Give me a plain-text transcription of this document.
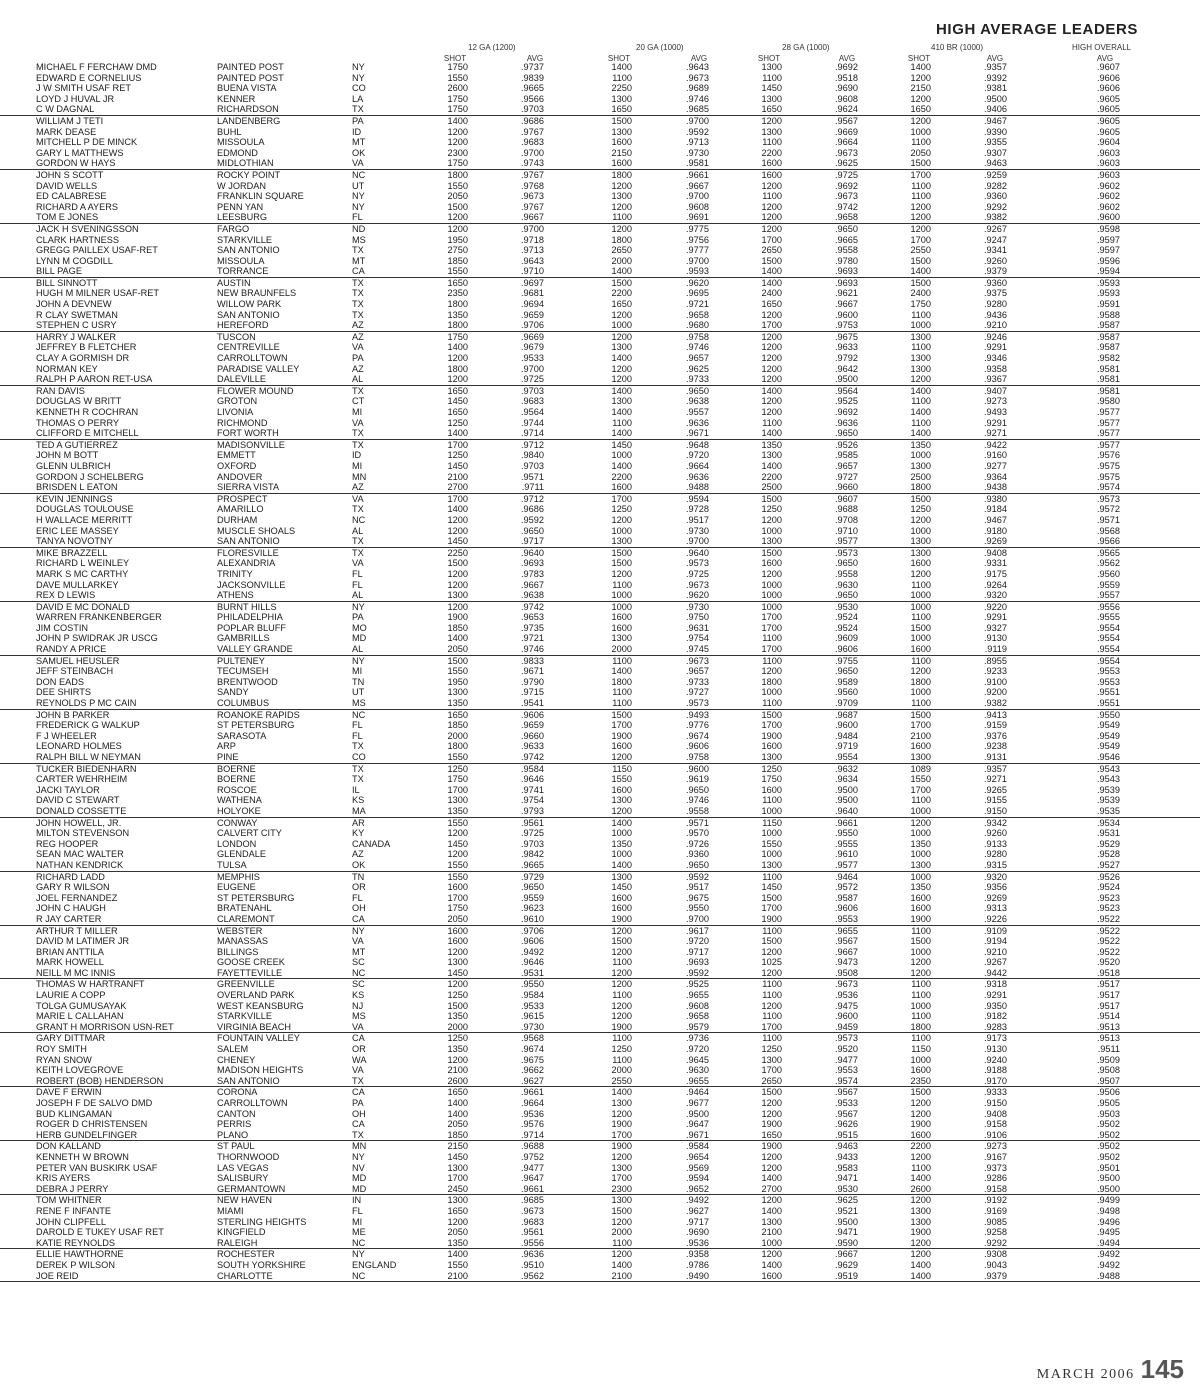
HIGH AVERAGE LEADERS
12 GA (1200)	20 GA (1000)	28 GA (1000)	410 BR (1000)	HIGH OVERALL
SHOT	AVG	SHOT	AVG	SHOT	AVG	SHOT	AVG	AVG
MICHAEL F FERCHAW DMD	PAINTED POST	NY	1750	.9737	1400	.9643	1300	.9692	1400	.9357	.9607
EDWARD E CORNELIUS	PAINTED POST	NY	1550	.9839	1100	.9673	1100	.9518	1200	.9392	.9606
J W SMITH USAF RET	BUENA VISTA	CO	2600	.9665	2250	.9689	1450	.9690	2150	.9381	.9606
LOYD J HUVAL JR	KENNER	LA	1750	.9566	1300	.9746	1300	.9608	1200	.9500	.9605
C W DAGNAL	RICHARDSON	TX	1750	.9703	1650	.9685	1650	.9624	1650	.9406	.9605
WILLIAM J TETI	LANDENBERG	PA	1400	.9686	1500	.9700	1200	.9567	1200	.9467	.9605
MARK DEASE	BUHL	ID	1200	.9767	1300	.9592	1300	.9669	1000	.9390	.9605
MITCHELL P DE MINCK	MISSOULA	MT	1200	.9683	1600	.9713	1100	.9664	1100	.9355	.9604
GARY L MATTHEWS	EDMOND	OK	2300	.9700	2150	.9730	2200	.9673	2050	.9307	.9603
GORDON W HAYS	MIDLOTHIAN	VA	1750	.9743	1600	.9581	1600	.9625	1500	.9463	.9603
JOHN S SCOTT	ROCKY POINT	NC	1800	.9767	1800	.9661	1600	.9725	1700	.9259	.9603
DAVID WELLS	W JORDAN	UT	1550	.9768	1200	.9667	1200	.9692	1100	.9282	.9602
ED CALABRESE	FRANKLIN SQUARE	NY	2050	.9673	1300	.9700	1100	.9673	1100	.9360	.9602
RICHARD A AYERS	PENN YAN	NY	1500	.9767	1200	.9608	1200	.9742	1200	.9292	.9602
TOM E JONES	LEESBURG	FL	1200	.9667	1100	.9691	1200	.9658	1200	.9382	.9600
JACK H SVENINGSSON	FARGO	ND	1200	.9700	1200	.9775	1200	.9650	1200	.9267	.9598
CLARK HARTNESS	STARKVILLE	MS	1950	.9718	1800	.9756	1700	.9665	1700	.9247	.9597
GREGG PAILLEX USAF-RET	SAN ANTONIO	TX	2750	.9713	2650	.9777	2650	.9558	2550	.9341	.9597
LYNN M COGDILL	MISSOULA	MT	1850	.9643	2000	.9700	1500	.9780	1500	.9260	.9596
BILL PAGE	TORRANCE	CA	1550	.9710	1400	.9593	1400	.9693	1400	.9379	.9594
BILL SINNOTT	AUSTIN	TX	1650	.9697	1500	.9620	1400	.9693	1500	.9360	.9593
HUGH M MILNER USAF-RET	NEW BRAUNFELS	TX	2350	.9681	2200	.9695	2400	.9621	2400	.9375	.9593
JOHN A DEVNEW	WILLOW PARK	TX	1800	.9694	1650	.9721	1650	.9667	1750	.9280	.9591
R CLAY SWETMAN	SAN ANTONIO	TX	1350	.9659	1200	.9658	1200	.9600	1100	.9436	.9588
STEPHEN C USRY	HEREFORD	AZ	1800	.9706	1000	.9680	1700	.9753	1000	.9210	.9587
HARRY J WALKER	TUSCON	AZ	1750	.9669	1200	.9758	1200	.9675	1300	.9246	.9587
JEFFREY B FLETCHER	CENTREVILLE	VA	1400	.9679	1300	.9746	1200	.9633	1100	.9291	.9587
CLAY A GORMISH DR	CARROLLTOWN	PA	1200	.9533	1400	.9657	1200	.9792	1300	.9346	.9582
NORMAN KEY	PARADISE VALLEY	AZ	1800	.9700	1200	.9625	1200	.9642	1300	.9358	.9581
RALPH P AARON RET-USA	DALEVILLE	AL	1200	.9725	1200	.9733	1200	.9500	1200	.9367	.9581
RAN DAVIS	FLOWER MOUND	TX	1650	.9703	1400	.9650	1400	.9564	1400	.9407	.9581
DOUGLAS W BRITT	GROTON	CT	1450	.9683	1300	.9638	1200	.9525	1100	.9273	.9580
KENNETH R COCHRAN	LIVONIA	MI	1650	.9564	1400	.9557	1200	.9692	1400	.9493	.9577
THOMAS O PERRY	RICHMOND	VA	1250	.9744	1100	.9636	1100	.9636	1100	.9291	.9577
CLIFFORD E MITCHELL	FORT WORTH	TX	1400	.9714	1400	.9671	1400	.9650	1400	.9271	.9577
TED A GUTIERREZ	MADISONVILLE	TX	1700	.9712	1450	.9648	1350	.9526	1350	.9422	.9577
JOHN M BOTT	EMMETT	ID	1250	.9840	1000	.9720	1300	.9585	1000	.9160	.9576
GLENN ULBRICH	OXFORD	MI	1450	.9703	1400	.9664	1400	.9657	1300	.9277	.9575
GORDON J SCHELBERG	ANDOVER	MN	2100	.9571	2200	.9636	2200	.9727	2500	.9364	.9575
BRISDEN L EATON	SIERRA VISTA	AZ	2700	.9711	1600	.9488	2500	.9660	1800	.9438	.9574
KEVIN JENNINGS	PROSPECT	VA	1700	.9712	1700	.9594	1500	.9607	1500	.9380	.9573
DOUGLAS TOULOUSE	AMARILLO	TX	1400	.9686	1250	.9728	1250	.9688	1250	.9184	.9572
H WALLACE MERRITT	DURHAM	NC	1200	.9592	1200	.9517	1200	.9708	1200	.9467	.9571
ERIC LEE MASSEY	MUSCLE SHOALS	AL	1200	.9650	1000	.9730	1000	.9710	1000	.9180	.9568
TANYA NOVOTNY	SAN ANTONIO	TX	1450	.9717	1300	.9700	1300	.9577	1300	.9269	.9566
MIKE BRAZZELL	FLORESVILLE	TX	2250	.9640	1500	.9640	1500	.9573	1300	.9408	.9565
RICHARD L WEINLEY	ALEXANDRIA	VA	1500	.9693	1500	.9573	1600	.9650	1600	.9331	.9562
MARK S MC CARTHY	TRINITY	FL	1200	.9783	1200	.9725	1200	.9558	1200	.9175	.9560
DAVE MULLARKEY	JACKSONVILLE	FL	1200	.9667	1100	.9673	1000	.9630	1100	.9264	.9559
REX D LEWIS	ATHENS	AL	1300	.9638	1000	.9620	1000	.9650	1000	.9320	.9557
DAVID E MC DONALD	BURNT HILLS	NY	1200	.9742	1000	.9730	1000	.9530	1000	.9220	.9556
WARREN FRANKENBERGER	PHILADELPHIA	PA	1900	.9653	1600	.9750	1700	.9524	1100	.9291	.9555
JIM COSTIN	POPLAR BLUFF	MO	1850	.9735	1600	.9631	1700	.9524	1500	.9327	.9554
JOHN P SWIDRAK JR USCG	GAMBRILLS	MD	1400	.9721	1300	.9754	1100	.9609	1000	.9130	.9554
RANDY A PRICE	VALLEY GRANDE	AL	2050	.9746	2000	.9745	1700	.9606	1600	.9119	.9554
SAMUEL HEUSLER	PULTENEY	NY	1500	.9833	1100	.9673	1100	.9755	1100	.8955	.9554
JEFF STEINBACH	TECUMSEH	MI	1550	.9671	1400	.9657	1200	.9650	1200	.9233	.9553
DON EADS	BRENTWOOD	TN	1950	.9790	1800	.9733	1800	.9589	1800	.9100	.9553
DEE SHIRTS	SANDY	UT	1300	.9715	1100	.9727	1000	.9560	1000	.9200	.9551
REYNOLDS P MC CAIN	COLUMBUS	MS	1350	.9541	1100	.9573	1100	.9709	1100	.9382	.9551
JOHN B PARKER	ROANOKE RAPIDS	NC	1650	.9606	1500	.9493	1500	.9687	1500	.9413	.9550
FREDERICK G WALKUP	ST PETERSBURG	FL	1850	.9659	1700	.9776	1700	.9600	1700	.9159	.9549
F J WHEELER	SARASOTA	FL	2000	.9660	1900	.9674	1900	.9484	2100	.9376	.9549
LEONARD HOLMES	ARP	TX	1800	.9633	1600	.9606	1600	.9719	1600	.9238	.9549
RALPH BILL W NEYMAN	PINE	CO	1550	.9742	1200	.9758	1300	.9554	1300	.9131	.9546
TUCKER BIEDENHARN	BOERNE	TX	1250	.9584	1150	.9600	1250	.9632	1089	.9357	.9543
CARTER WEHRHEIM	BOERNE	TX	1750	.9646	1550	.9619	1750	.9634	1550	.9271	.9543
JACKI TAYLOR	ROSCOE	IL	1700	.9741	1600	.9650	1600	.9500	1700	.9265	.9539
DAVID C STEWART	WATHENA	KS	1300	.9754	1300	.9746	1100	.9500	1100	.9155	.9539
DONALD COSSETTE	HOLYOKE	MA	1350	.9793	1200	.9558	1000	.9640	1000	.9150	.9535
JOHN HOWELL, JR.	CONWAY	AR	1550	.9561	1400	.9571	1150	.9661	1200	.9342	.9534
MILTON STEVENSON	CALVERT CITY	KY	1200	.9725	1000	.9570	1000	.9550	1000	.9260	.9531
REG HOOPER	LONDON	CANADA	1450	.9703	1350	.9726	1550	.9555	1350	.9133	.9529
SEAN MAC WALTER	GLENDALE	AZ	1200	.9842	1000	.9360	1000	.9610	1000	.9280	.9528
NATHAN KENDRICK	TULSA	OK	1550	.9665	1400	.9650	1300	.9577	1300	.9315	.9527
RICHARD LADD	MEMPHIS	TN	1550	.9729	1300	.9592	1100	.9464	1000	.9320	.9526
GARY R WILSON	EUGENE	OR	1600	.9650	1450	.9517	1450	.9572	1350	.9356	.9524
JOEL FERNANDEZ	ST PETERSBURG	FL	1700	.9559	1600	.9675	1500	.9587	1600	.9269	.9523
JOHN C HAUGH	BRATENAHL	OH	1750	.9623	1600	.9550	1700	.9606	1600	.9313	.9523
R JAY CARTER	CLAREMONT	CA	2050	.9610	1900	.9700	1900	.9553	1900	.9226	.9522
ARTHUR T MILLER	WEBSTER	NY	1600	.9706	1200	.9617	1100	.9655	1100	.9109	.9522
DAVID M LATIMER JR	MANASSAS	VA	1600	.9606	1500	.9720	1500	.9567	1500	.9194	.9522
BRIAN ANTTILA	BILLINGS	MT	1200	.9492	1200	.9717	1200	.9667	1000	.9210	.9522
MARK HOWELL	GOOSE CREEK	SC	1300	.9646	1100	.9693	1025	.9473	1200	.9267	.9520
NEILL M MC INNIS	FAYETTEVILLE	NC	1450	.9531	1200	.9592	1200	.9508	1200	.9442	.9518
THOMAS W HARTRANFT	GREENVILLE	SC	1200	.9550	1200	.9525	1100	.9673	1100	.9318	.9517
LAURIE A COPP	OVERLAND PARK	KS	1250	.9584	1100	.9655	1100	.9536	1100	.9291	.9517
TOLGA GUMUSAYAK	WEST KEANSBURG	NJ	1500	.9533	1200	.9608	1200	.9475	1000	.9350	.9517
MARIE L CALLAHAN	STARKVILLE	MS	1350	.9615	1200	.9658	1100	.9600	1100	.9182	.9514
GRANT H MORRISON USN-RET	VIRGINIA BEACH	VA	2000	.9730	1900	.9579	1700	.9459	1800	.9283	.9513
GARY DITTMAR	FOUNTAIN VALLEY	CA	1250	.9568	1100	.9736	1100	.9573	1100	.9173	.9513
ROY SMITH	SALEM	OR	1350	.9674	1250	.9720	1250	.9520	1150	.9130	.9511
RYAN SNOW	CHENEY	WA	1200	.9675	1100	.9645	1300	.9477	1000	.9240	.9509
KEITH LOVEGROVE	MADISON HEIGHTS	VA	2100	.9662	2000	.9630	1700	.9553	1600	.9188	.9508
ROBERT (BOB) HENDERSON	SAN ANTONIO	TX	2600	.9627	2550	.9655	2650	.9574	2350	.9170	.9507
DAVE F ERWIN	CORONA	CA	1650	.9661	1400	.9464	1500	.9567	1500	.9333	.9506
JOSEPH F DE SALVO DMD	CARROLLTOWN	PA	1400	.9664	1300	.9677	1200	.9533	1200	.9150	.9505
BUD KLINGAMAN	CANTON	OH	1400	.9536	1200	.9500	1200	.9567	1200	.9408	.9503
ROGER D CHRISTENSEN	PERRIS	CA	2050	.9576	1900	.9647	1900	.9626	1900	.9158	.9502
HERB GUNDELFINGER	PLANO	TX	1850	.9714	1700	.9671	1650	.9515	1600	.9106	.9502
DON KALLAND	ST PAUL	MN	2150	.9688	1900	.9584	1900	.9463	2200	.9273	.9502
KENNETH W BROWN	THORNWOOD	NY	1450	.9752	1200	.9654	1200	.9433	1200	.9167	.9502
PETER VAN BUSKIRK USAF	LAS VEGAS	NV	1300	.9477	1300	.9569	1200	.9583	1100	.9373	.9501
KRIS AYERS	SALISBURY	MD	1700	.9647	1700	.9594	1400	.9471	1400	.9286	.9500
DEBRA J PERRY	GERMANTOWN	MD	2450	.9661	2300	.9652	2700	.9530	2600	.9158	.9500
TOM WHITNER	NEW HAVEN	IN	1300	.9685	1300	.9492	1200	.9625	1200	.9192	.9499
RENE F INFANTE	MIAMI	FL	1650	.9673	1500	.9627	1400	.9521	1300	.9169	.9498
JOHN CLIPFELL	STERLING HEIGHTS	MI	1200	.9683	1200	.9717	1300	.9500	1300	.9085	.9496
DAROLD E TUKEY USAF RET	KINGFIELD	ME	2050	.9561	2000	.9690	2100	.9471	1900	.9258	.9495
KATIE REYNOLDS	RALEIGH	NC	1350	.9556	1100	.9536	1000	.9590	1200	.9292	.9494
ELLIE HAWTHORNE	ROCHESTER	NY	1400	.9636	1200	.9358	1200	.9667	1200	.9308	.9492
DEREK P WILSON	SOUTH YORKSHIRE	ENGLAND	1550	.9510	1400	.9786	1400	.9629	1400	.9043	.9492
JOE REID	CHARLOTTE	NC	2100	.9562	2100	.9490	1600	.9519	1400	.9379	.9488
MARCH 2006 145
